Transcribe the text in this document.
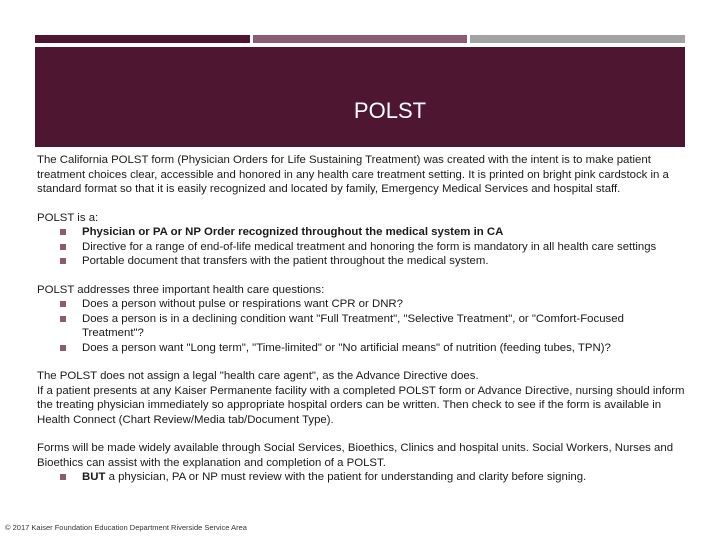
POLST

The California POLST form (Physician Orders for Life Sustaining Treatment) was created with the intent is to make patient treatment choices clear, accessible and honored in any health care treatment setting. It is printed on bright pink cardstock in a standard format so that it is easily recognized and located by family, Emergency Medical Services and hospital staff.

POLST is a:

Physician or PA or NP Order recognized throughout the medical system in CA
Directive for a range of end-of-life medical treatment and honoring the form is mandatory in all health care settings
Portable document that transfers with the patient throughout the medical system.

POLST addresses three important health care questions:

Does a person without pulse or respirations want CPR or DNR?
Does a person is in a declining condition want "Full Treatment", "Selective Treatment", or "Comfort-Focused Treatment"?
Does a person want "Long term", "Time-limited" or "No artificial means" of nutrition (feeding tubes, TPN)?

The POLST does not assign a legal "health care agent", as the Advance Directive does.

If a patient presents at any Kaiser Permanente facility with a completed POLST form or Advance Directive, nursing should inform the treating physician immediately so appropriate hospital orders can be written. Then check to see if the form is available in Health Connect (Chart Review/Media tab/Document Type).

Forms will be made widely available through Social Services, Bioethics, Clinics and hospital units. Social Workers, Nurses and Bioethics can assist with the explanation and completion of a POLST.

BUT a physician, PA or NP must review with the patient for understanding and clarity before signing.
© 2017 Kaiser Foundation Education Department Riverside Service Area
